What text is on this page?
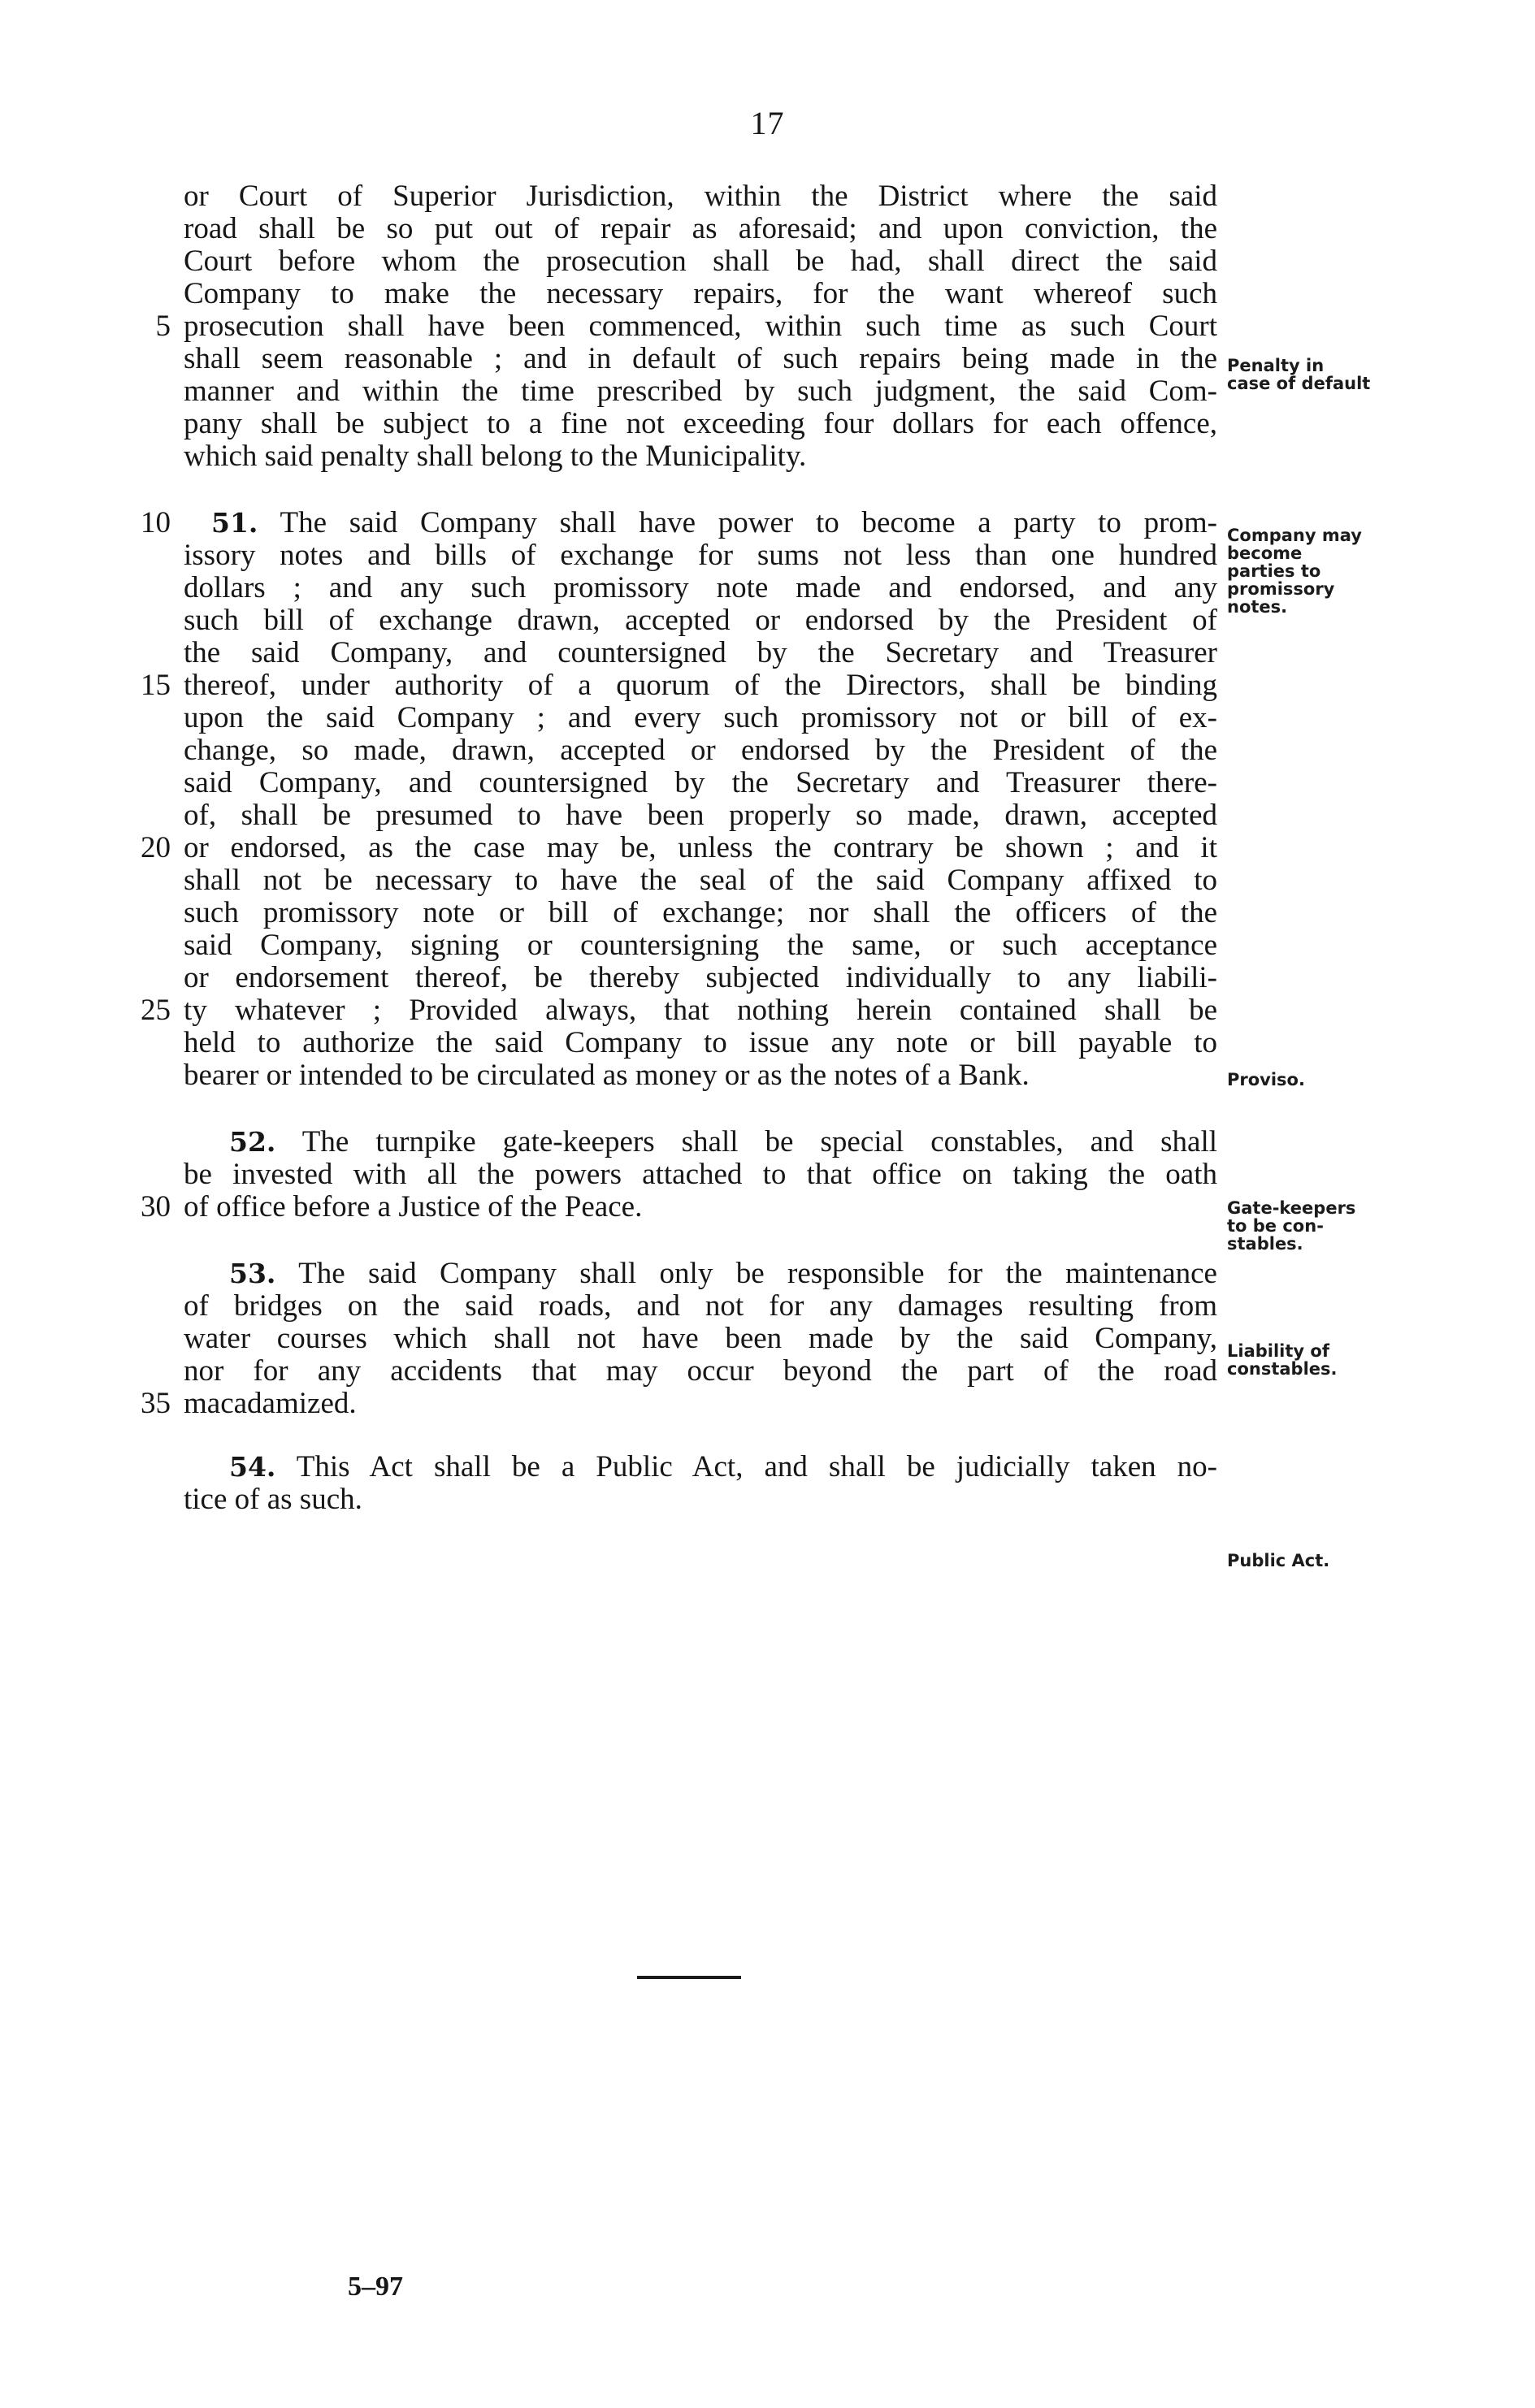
17
or Court of Superior Jurisdiction, within the District where the said
road shall be so put out of repair as aforesaid; and upon conviction, the
Court before whom the prosecution shall be had, shall direct the said
Company to make the necessary repairs, for the want whereof such
5 prosecution shall have been commenced, within such time as such Court
shall seem reasonable ; and in default of such repairs being made in the
manner and within the time prescribed by such judgment, the said Com-
pany shall be subject to a fine not exceeding four dollars for each offence,
which said penalty shall belong to the Municipality.
10 51. The said Company shall have power to become a party to prom-
issory notes and bills of exchange for sums not less than one hundred
dollars ; and any such promissory note made and endorsed, and any
such bill of exchange drawn, accepted or endorsed by the President of
the said Company, and countersigned by the Secretary and Treasurer
15 thereof, under authority of a quorum of the Directors, shall be binding
upon the said Company ; and every such promissory not or bill of ex-
change, so made, drawn, accepted or endorsed by the President of the
said Company, and countersigned by the Secretary and Treasurer there-
of, shall be presumed to have been properly so made, drawn, accepted
20 or endorsed, as the case may be, unless the contrary be shown ; and it
shall not be necessary to have the seal of the said Company affixed to
such promissory note or bill of exchange; nor shall the officers of the
said Company, signing or countersigning the same, or such acceptance
or endorsement thereof, be thereby subjected individually to any liabili-
25 ty whatever ; Provided always, that nothing herein contained shall be
held to authorize the said Company to issue any note or bill payable to
bearer or intended to be circulated as money or as the notes of a Bank.
52. The turnpike gate-keepers shall be special constables, and shall
be invested with all the powers attached to that office on taking the oath
30 of office before a Justice of the Peace.
53. The said Company shall only be responsible for the maintenance
of bridges on the said roads, and not for any damages resulting from
water courses which shall not have been made by the said Company,
nor for any accidents that may occur beyond the part of the road
35 macadamized.
54. This Act shall be a Public Act, and shall be judicially taken no-
tice of as such.
Penalty in
case of default
Company may
become
parties to
promissory
notes.
Proviso.
Gate-keepers
to be con-
stables.
Liability of
constables.
Public Act.
5–97
